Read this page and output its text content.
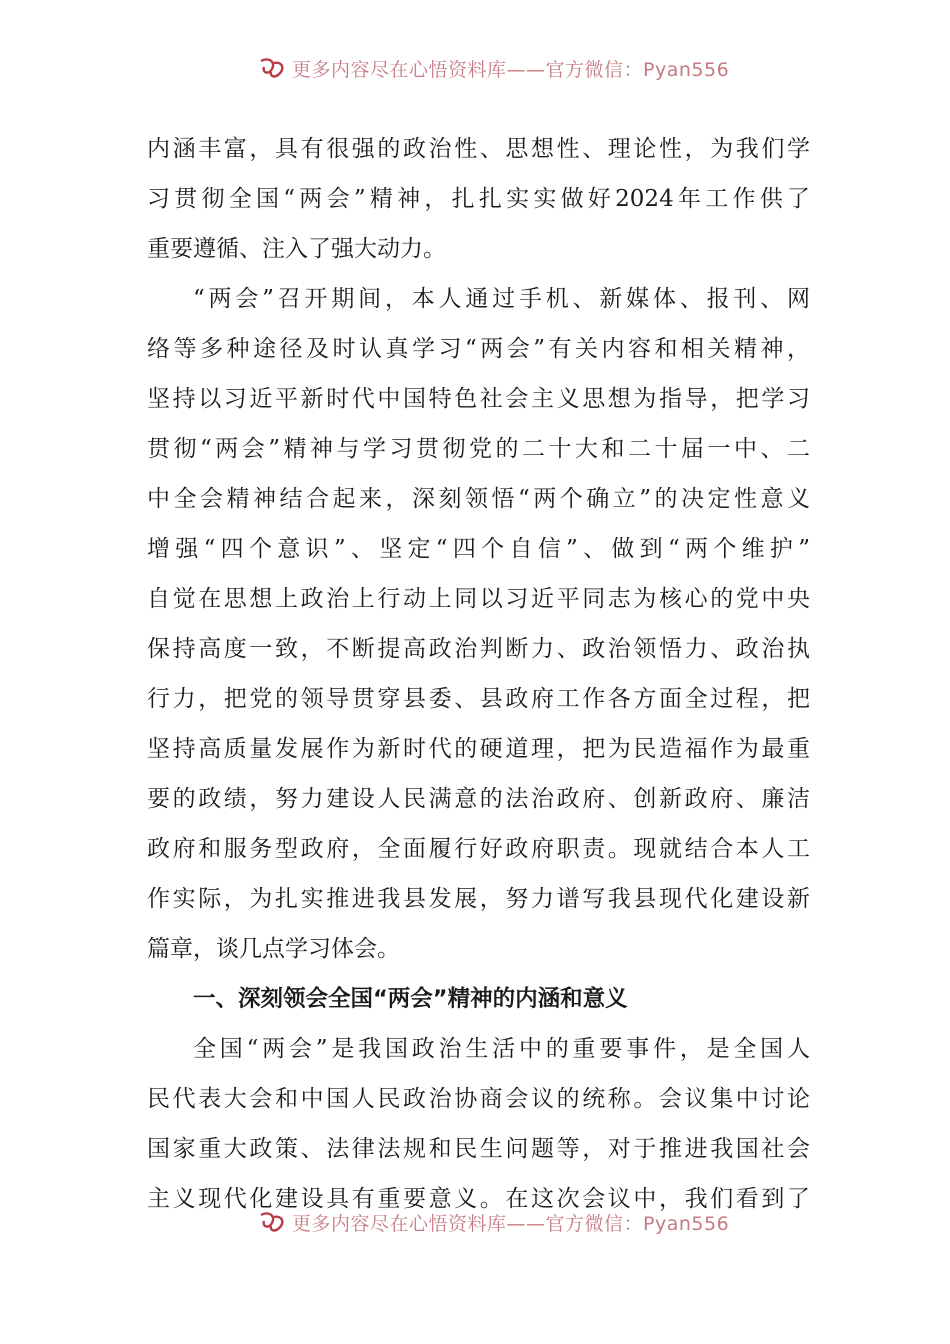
更多内容尽在心悟资料库——官方微信：Pyan556
内涵丰富，具有很强的政治性、思想性、理论性，为我们学
习贯彻全国“两会”精神，扎扎实实做好2024年工作供了
重要遵循、注入了强大动力。
“两会”召开期间，本人通过手机、新媒体、报刊、网
络等多种途径及时认真学习“两会”有关内容和相关精神，
坚持以习近平新时代中国特色社会主义思想为指导，把学习
贯彻“两会”精神与学习贯彻党的二十大和二十届一中、二
中全会精神结合起来，深刻领悟“两个确立”的决定性意义
增强“四个意识”、坚定“四个自信”、做到“两个维护”
自觉在思想上政治上行动上同以习近平同志为核心的党中央
保持高度一致，不断提高政治判断力、政治领悟力、政治执
行力，把党的领导贯穿县委、县政府工作各方面全过程，把
坚持高质量发展作为新时代的硬道理，把为民造福作为最重
要的政绩，努力建设人民满意的法治政府、创新政府、廉洁
政府和服务型政府，全面履行好政府职责。现就结合本人工
作实际，为扎实推进我县发展，努力谱写我县现代化建设新
篇章，谈几点学习体会。
一、深刻领会全国“两会”精神的内涵和意义
全国“两会”是我国政治生活中的重要事件，是全国人
民代表大会和中国人民政治协商会议的统称。会议集中讨论
国家重大政策、法律法规和民生问题等，对于推进我国社会
主义现代化建设具有重要意义。在这次会议中，我们看到了
更多内容尽在心悟资料库——官方微信：Pyan556
